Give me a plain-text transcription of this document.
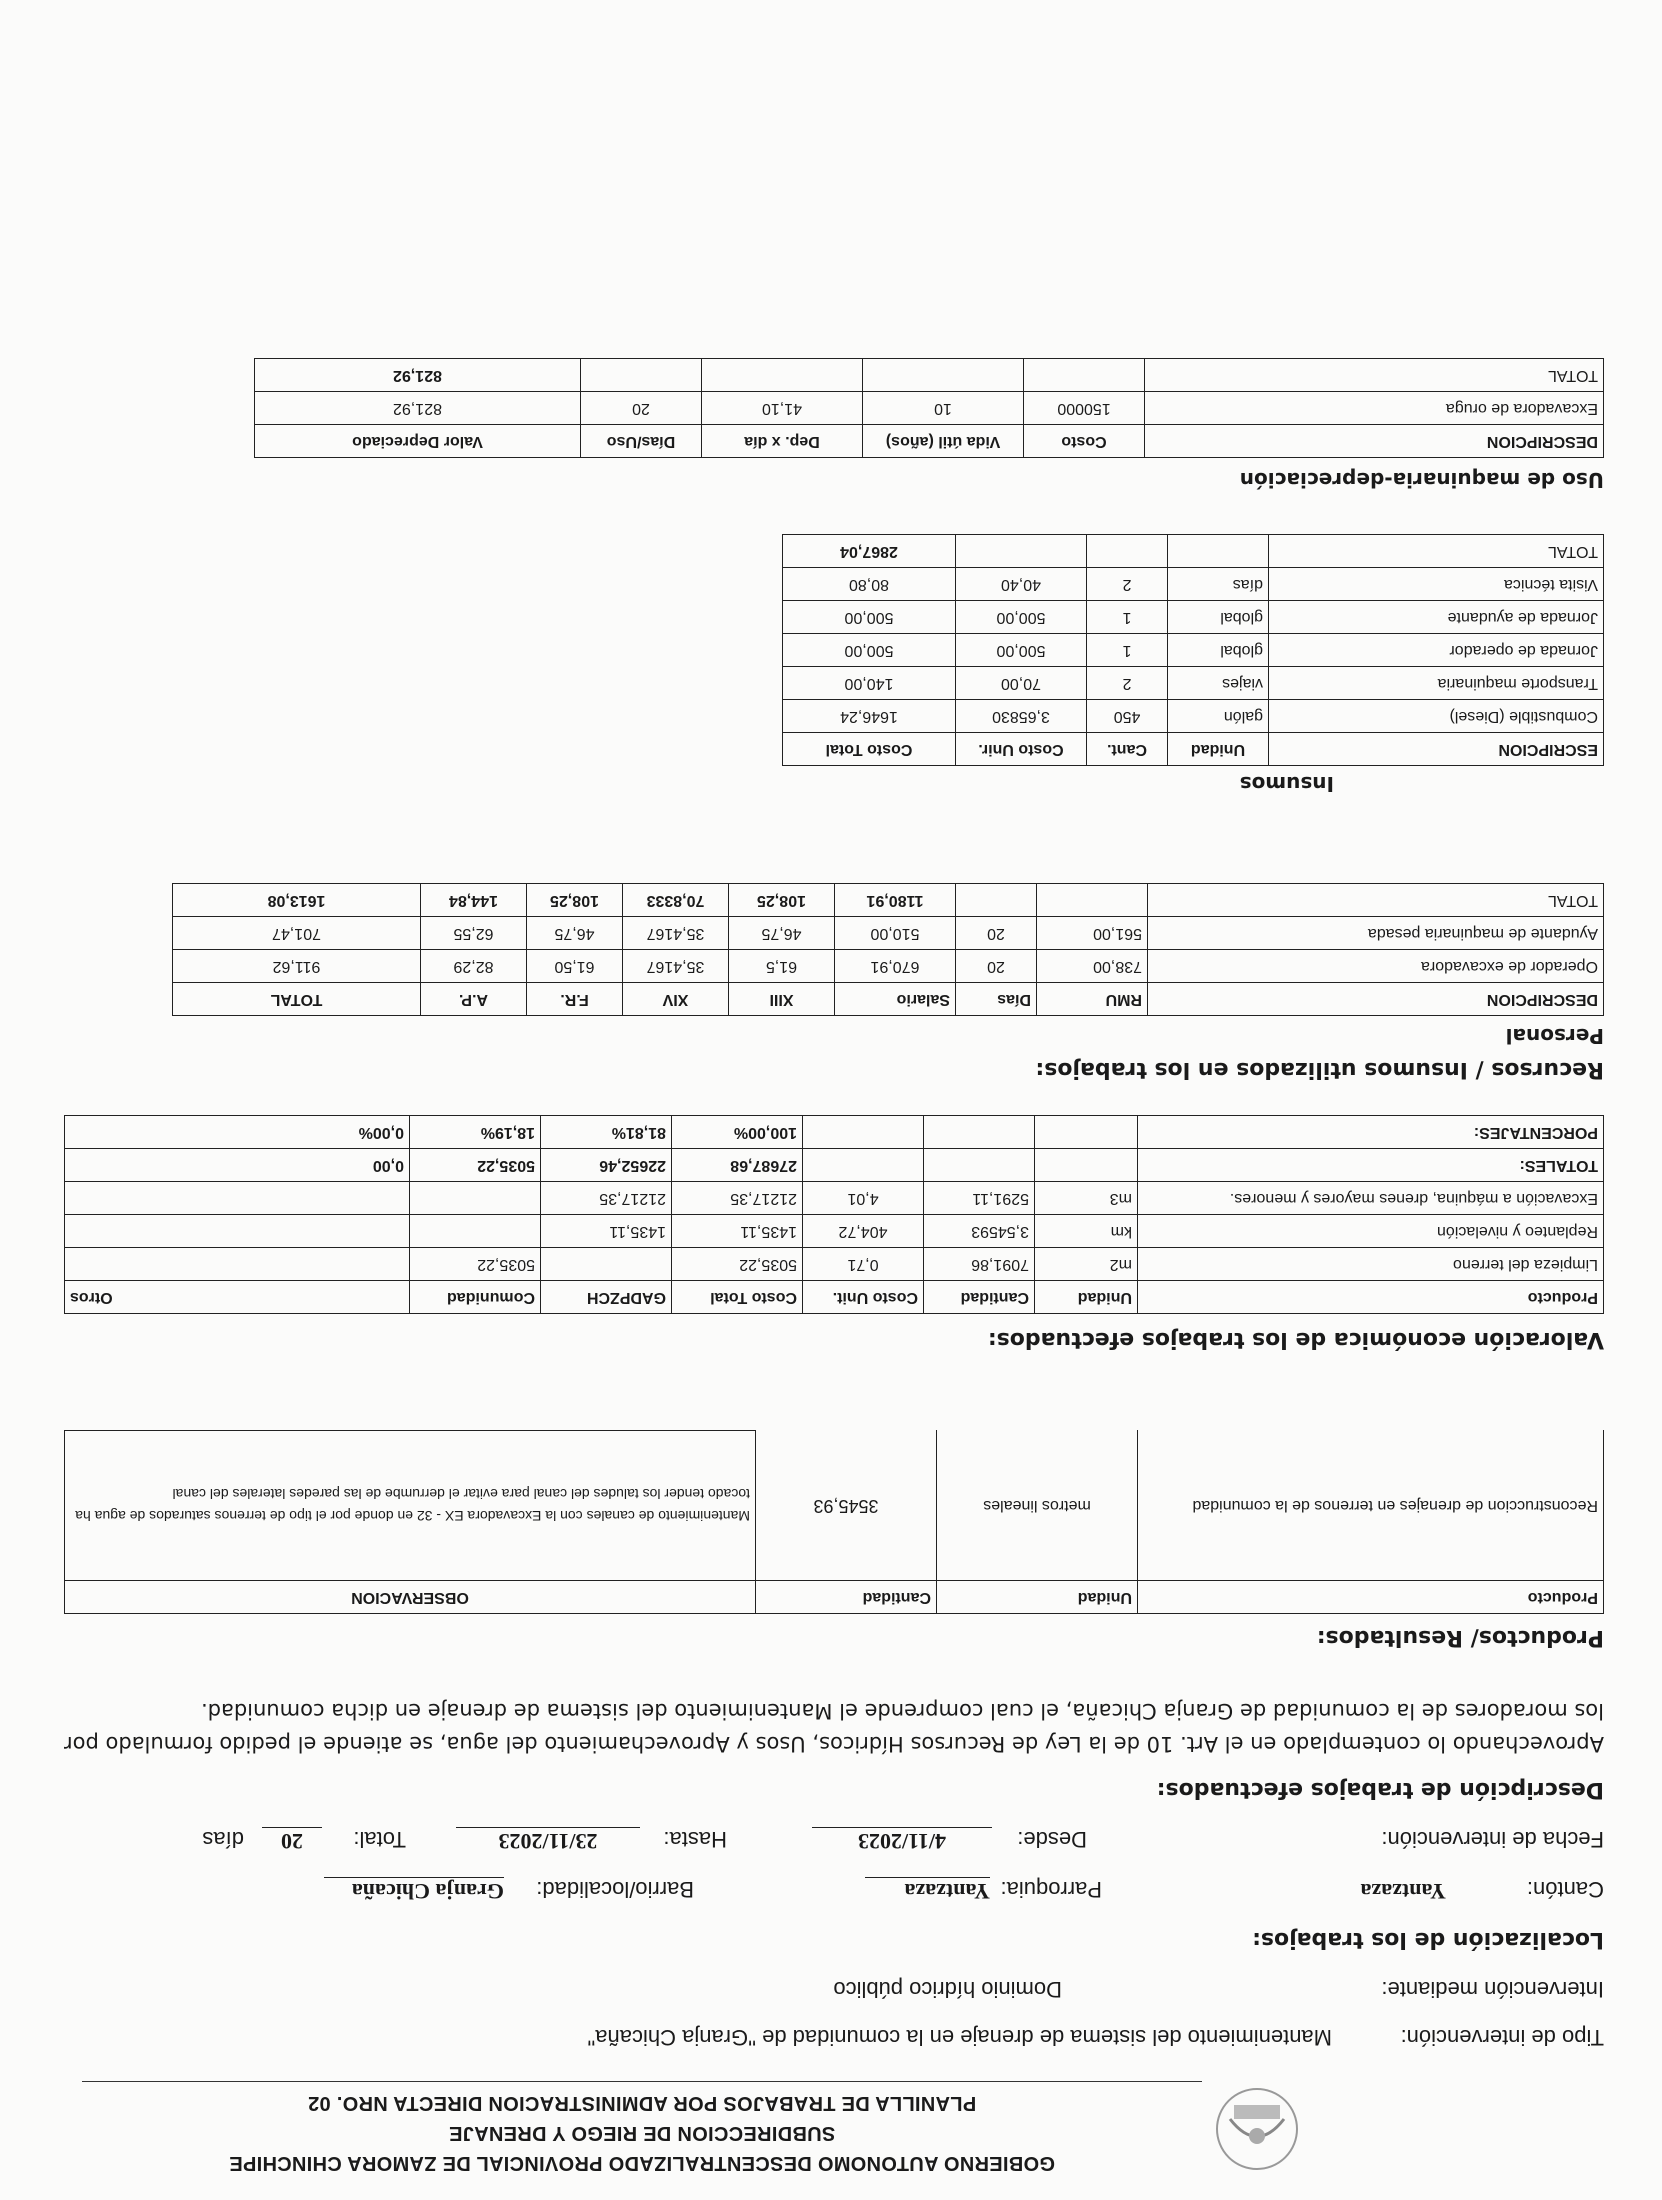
GOBIERNO AUTONOMO DESCENTRALIZADO PROVINCIAL DE ZAMORA CHINCHIPE
SUBDIRECCION DE RIEGO Y DRENAJE
PLANILLA DE TRABAJOS POR ADMINISTRACION DIRECTA NRO. 02
Tipo de intervención:
Mantenimiento del sistema de drenaje en la comunidad de "Granja Chicaña"
Intervención mediante:
Dominio hídrico público
Localización de los trabajos:
Cantón:
Yantzaza
Parroquia:
Yantzaza
Barrio/localidad:
Granja Chicaña
Fecha de intervención:
Desde:
4/11/2023
Hasta:
23/11/2023
Total:
20
días
Descripción de trabajos efectuados:
Aprovechando lo contemplado en el Art. 10 de la Ley de Recursos Hídricos, Usos y Aprovechamiento del agua, se atiende el pedido formulado por los moradores de la comunidad de Granja Chicaña, el cual comprende el Mantenimiento del sistema de drenaje en dicha comunidad.
Productos/ Resultados:
Producto	Unidad	Cantidad	OBSERVACION
Reconstruccion de drenajes en terrenos de la comunidad	metros lineales	3545,93	Mantenimiento de canales con la Excavadora EX - 32 en donde por el tipo de terrenos saturados de agua ha tocado tender los taludes del canal para evitar el derrumbe de las paredes laterales del canal
Valoración económica de los trabajos efectuados:
Producto	Unidad	Cantidad	Costo Unit.	Costo Total	GADPZCH	Comunidad	Otros
Limpieza del terreno	m2	7091,86	0,71	5035,22		5035,22	
Replanteo y nivelación	km	3,54593	404,72	1435,11	1435,11		
Excavación a máquina, drenes mayores y menores.	m3	5291,11	4,01	21217,35	21217,35		
TOTALES:				27687,68	22652,46	5035,22	0,00
PORCENTAJES:				100,00%	81,81%	18,19%	0,00%
Recursos / Insumos utilizados en los trabajos:
Personal
DESCRIPCION	RMU	Días	Salario	XIII	XIV	F.R.	A.P.	TOTAL
Operador de excavadora	738,00	20	670,91	61,5	35,4167	61,50	82,29	911,62
Ayudante de maquinaria pesada	561,00	20	510,00	46,75	35,4167	46,75	62,55	701,47
TOTAL			1180,91	108,25	70,8333	108,25	144,84	1613,08
Insumos
ESCRIPCION	Unidad	Cant.	Costo Unir.	Costo Total
Combustible (Diesel)	galón	450	3,65830	1646,24
Transporte maquinaria	viajes	2	70,00	140,00
Jornada de operador	global	1	500,00	500,00
Jornada de ayudante	global	1	500,00	500,00
Visita técnica	días	2	40,40	80,80
TOTAL				2867,04
Uso de maquinaria-depreciación
DESCRIPCION	Costo	Vida útil (años)	Dep. x día	Días/Uso	Valor Depreciado
Excavadora de oruga	150000	10	41,10	20	821,92
TOTAL					821,92
